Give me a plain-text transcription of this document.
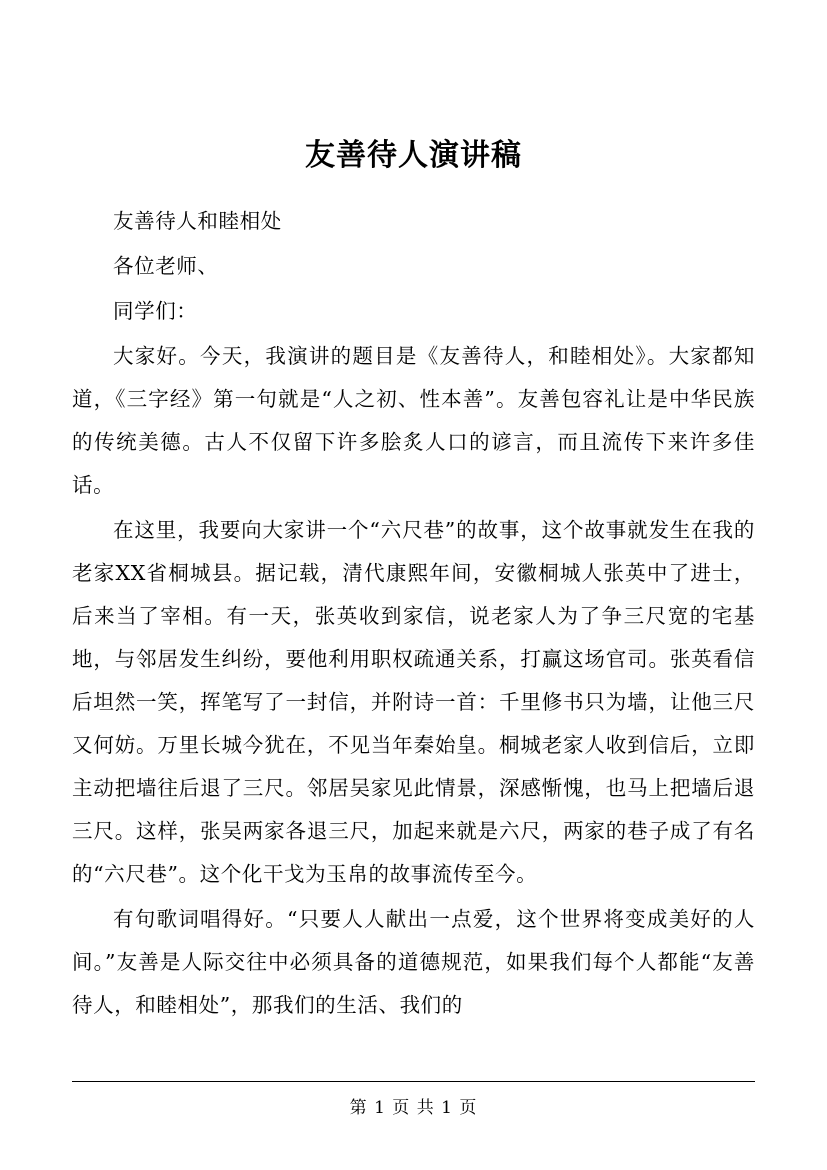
友善待人演讲稿

友善待人和睦相处

各位老师、

同学们：

大家好。今天，我演讲的题目是《友善待人，和睦相处》。大家都知道，《三字经》第一句就是“人之初、性本善”。友善包容礼让是中华民族的传统美德。古人不仅留下许多脍炙人口的谚言，而且流传下来许多佳话。

在这里，我要向大家讲一个“六尺巷”的故事，这个故事就发生在我的老家XX省桐城县。据记载，清代康熙年间，安徽桐城人张英中了进士，后来当了宰相。有一天，张英收到家信，说老家人为了争三尺宽的宅基地，与邻居发生纠纷，要他利用职权疏通关系，打赢这场官司。张英看信后坦然一笑，挥笔写了一封信，并附诗一首：千里修书只为墙，让他三尺又何妨。万里长城今犹在，不见当年秦始皇。桐城老家人收到信后，立即主动把墙往后退了三尺。邻居吴家见此情景，深感惭愧，也马上把墙后退三尺。这样，张吴两家各退三尺，加起来就是六尺，两家的巷子成了有名的“六尺巷”。这个化干戈为玉帛的故事流传至今。

有句歌词唱得好。“只要人人献出一点爱，这个世界将变成美好的人间。”友善是人际交往中必须具备的道德规范，如果我们每个人都能“友善待人，和睦相处”，那我们的生活、我们的

第 1 页 共 1 页
